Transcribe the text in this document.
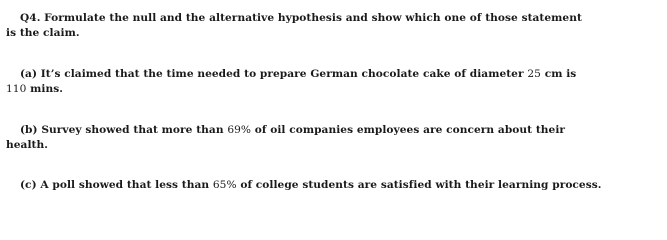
Q4. Formulate the null and the alternative hypothesis and show which one of those statement
is the claim.
(a) It’s claimed that the time needed to prepare German chocolate cake of diameter 25 cm is
110 mins.
(b) Survey showed that more than 69% of oil companies employees are concern about their
health.
(c) A poll showed that less than 65% of college students are satisfied with their learning process.
